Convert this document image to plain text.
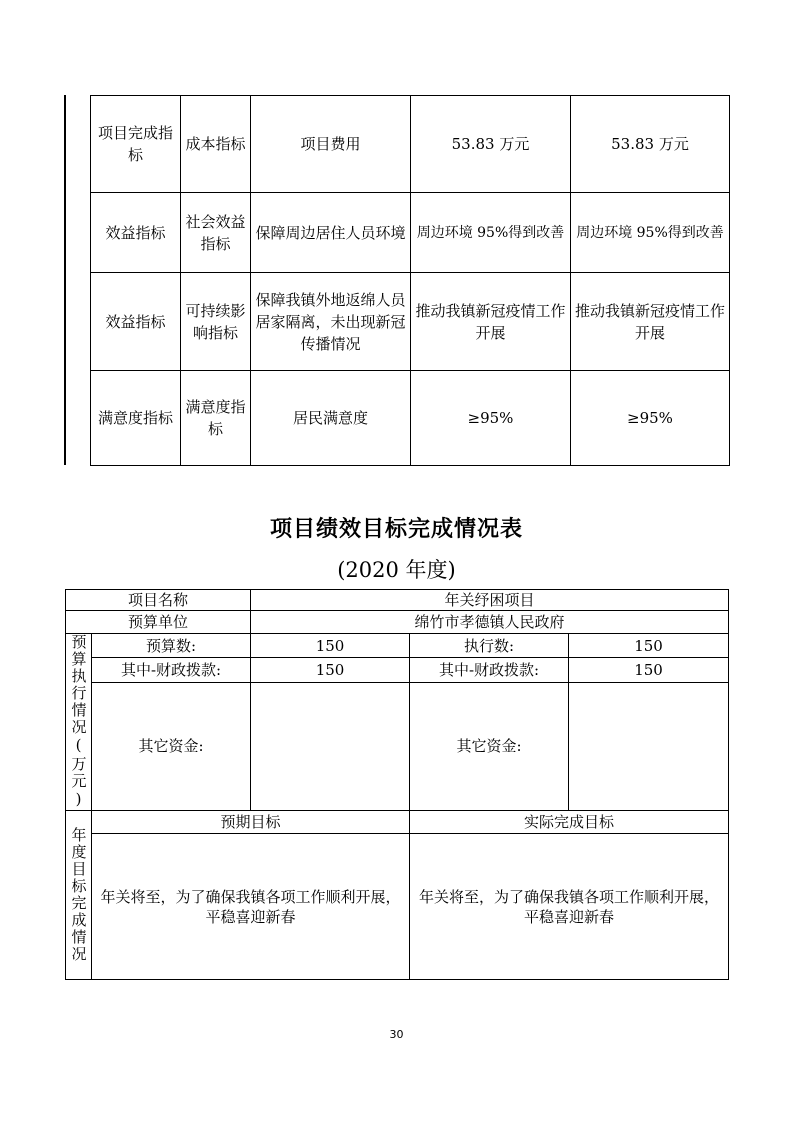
项目完成指标	成本指标	项目费用	53.83 万元	53.83 万元
效益指标	社会效益指标	保障周边居住人员环境	周边环境 95%得到改善	周边环境 95%得到改善
效益指标	可持续影响指标	保障我镇外地返绵人员居家隔离，未出现新冠传播情况	推动我镇新冠疫情工作开展	推动我镇新冠疫情工作开展
满意度指标	满意度指标	居民满意度	≥95%	≥95%
项目绩效目标完成情况表
(2020 年度)
项目名称		年关纾困项目		
预算单位		绵竹市孝德镇人民政府		

预算执行情况(万元)	预算数:	150	执行数:	150
	其中-财政拨款:	150	其中-财政拨款:	150
	其它资金:		其它资金:	

年度目标完成情况	预期目标		实际完成目标	
	年关将至，为了确保我镇各项工作顺利开展，平稳喜迎新春		年关将至，为了确保我镇各项工作顺利开展，平稳喜迎新春	
30
